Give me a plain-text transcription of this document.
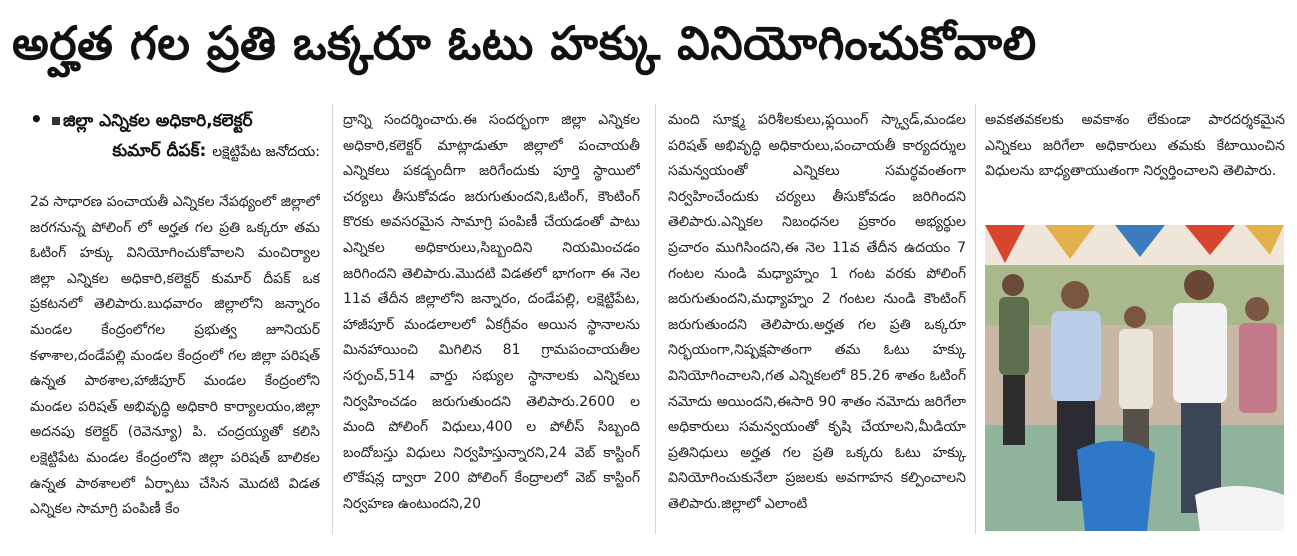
అర్హత గల ప్రతి ఒక్కరూ ఓటు హక్కు వినియోగించుకోవాలి
• జిల్లా ఎన్నికల అధికారి,కలెక్టర్
కుమార్ దీపక్: లక్షెట్టిపేట జనోదయ:

2వ సాధారణ పంచాయతీ ఎన్నికల నేపథ్యంలో జిల్లాలో జరగనున్న పోలింగ్ లో అర్హత గల ప్రతి ఒక్కరూ తమ ఓటింగ్ హక్కు వినియోగించుకోవాలని మంచిర్యాల జిల్లా ఎన్నికల అధికారి,కలెక్టర్ కుమార్ దీపక్ ఒక ప్రకటనలో తెలిపారు.బుధవారం జిల్లాలోని జన్నారం మండల కేంద్రంలోగల ప్రభుత్వ జూనియర్ కళాశాల,దండేపల్లి మండల కేంద్రంలో గల జిల్లా పరిషత్ ఉన్నత పాఠశాల,హాజీపూర్ మండల కేంద్రంలోని మండల పరిషత్ అభివృద్ధి అధికారి కార్యాలయం,జిల్లా అదనపు కలెక్టర్ (రెవెన్యూ) పి. చంద్రయ్యతో కలిసి లక్షెట్టిపేట మండల కేంద్రంలోని జిల్లా పరిషత్ బాలికల ఉన్నత పాఠశాలలో ఏర్పాటు చేసిన మొదటి విడత ఎన్నికల సామాగ్రి పంపిణీ కేం

ద్రాన్ని సందర్శించారు.ఈ సందర్భంగా జిల్లా ఎన్నికల అధికారి,కలెక్టర్ మాట్లాడుతూ జిల్లాలో పంచాయతీ ఎన్నికలు పకడ్బందీగా జరిగేందుకు పూర్తి స్థాయిలో చర్యలు తీసుకోవడం జరుగుతుందని,ఓటింగ్, కౌంటింగ్ కొరకు అవసరమైన సామాగ్రి పంపిణీ చేయడంతో పాటు ఎన్నికల అధికారులు,సిబ్బందిని నియమించడం జరిగిందని తెలిపారు.మొదటి విడతలో భాగంగా ఈ నెల 11వ తేదీన జిల్లాలోని జన్నారం, దండేపల్లి, లక్షెట్టిపేట, హాజీపూర్ మండలాలలో ఏకగ్రీవం అయిన స్థానాలను మినహాయించి మిగిలిన 81 గ్రామపంచాయతీల సర్పంచ్,514 వార్డు సభ్యుల స్థానాలకు ఎన్నికలు నిర్వహించడం జరుగుతుందని తెలిపారు.2600 ల మంది పోలింగ్ విధులు,400 ల పోలీస్ సిబ్బంది బందోబస్తు విధులు నిర్వహిస్తున్నారని,24 వెబ్ కాస్టింగ్ లొకేషన్ల ద్వారా 200 పోలింగ్ కేంద్రాలలో వెబ్ కాస్టింగ్ నిర్వహణ ఉంటుందని,20

మంది సూక్ష్మ పరిశీలకులు,ఫ్లయింగ్ స్క్వాడ్,మండల పరిషత్ అభివృద్ధి అధికారులు,పంచాయతీ కార్యదర్శుల సమన్వయంతో ఎన్నికలు సమర్థవంతంగా నిర్వహించేందుకు చర్యలు తీసుకోవడం జరిగిందని తెలిపారు.ఎన్నికల నిబంధనల ప్రకారం అభ్యర్థుల ప్రచారం ముగిసిందని,ఈ నెల 11వ తేదీన ఉదయం 7 గంటల నుండి మధ్యాహ్నం 1 గంట వరకు పోలింగ్ జరుగుతుందని,మధ్యాహ్నం 2 గంటల నుండి కౌంటింగ్ జరుగుతుందని తెలిపారు.అర్హత గల ప్రతి ఒక్కరూ నిర్భయంగా,నిష్పక్షపాతంగా తమ ఓటు హక్కు వినియోగించాలని,గత ఎన్నికలలో 85.26 శాతం ఓటింగ్ నమోదు అయిందని,ఈసారి 90 శాతం నమోదు జరిగేలా అధికారులు సమన్వయంతో కృషి చేయాలని,మీడియా ప్రతినిధులు అర్హత గల ప్రతి ఒక్కరు ఓటు హక్కు వినియోగించుకునేలా ప్రజలకు అవగాహన కల్పించాలని తెలిపారు.జిల్లాలో ఎలాంటి

అవకతవకలకు అవకాశం లేకుండా పారదర్శకమైన ఎన్నికలు జరిగేలా అధికారులు తమకు కేటాయించిన విధులను బాధ్యతాయుతంగా నిర్వర్తించాలని తెలిపారు.
